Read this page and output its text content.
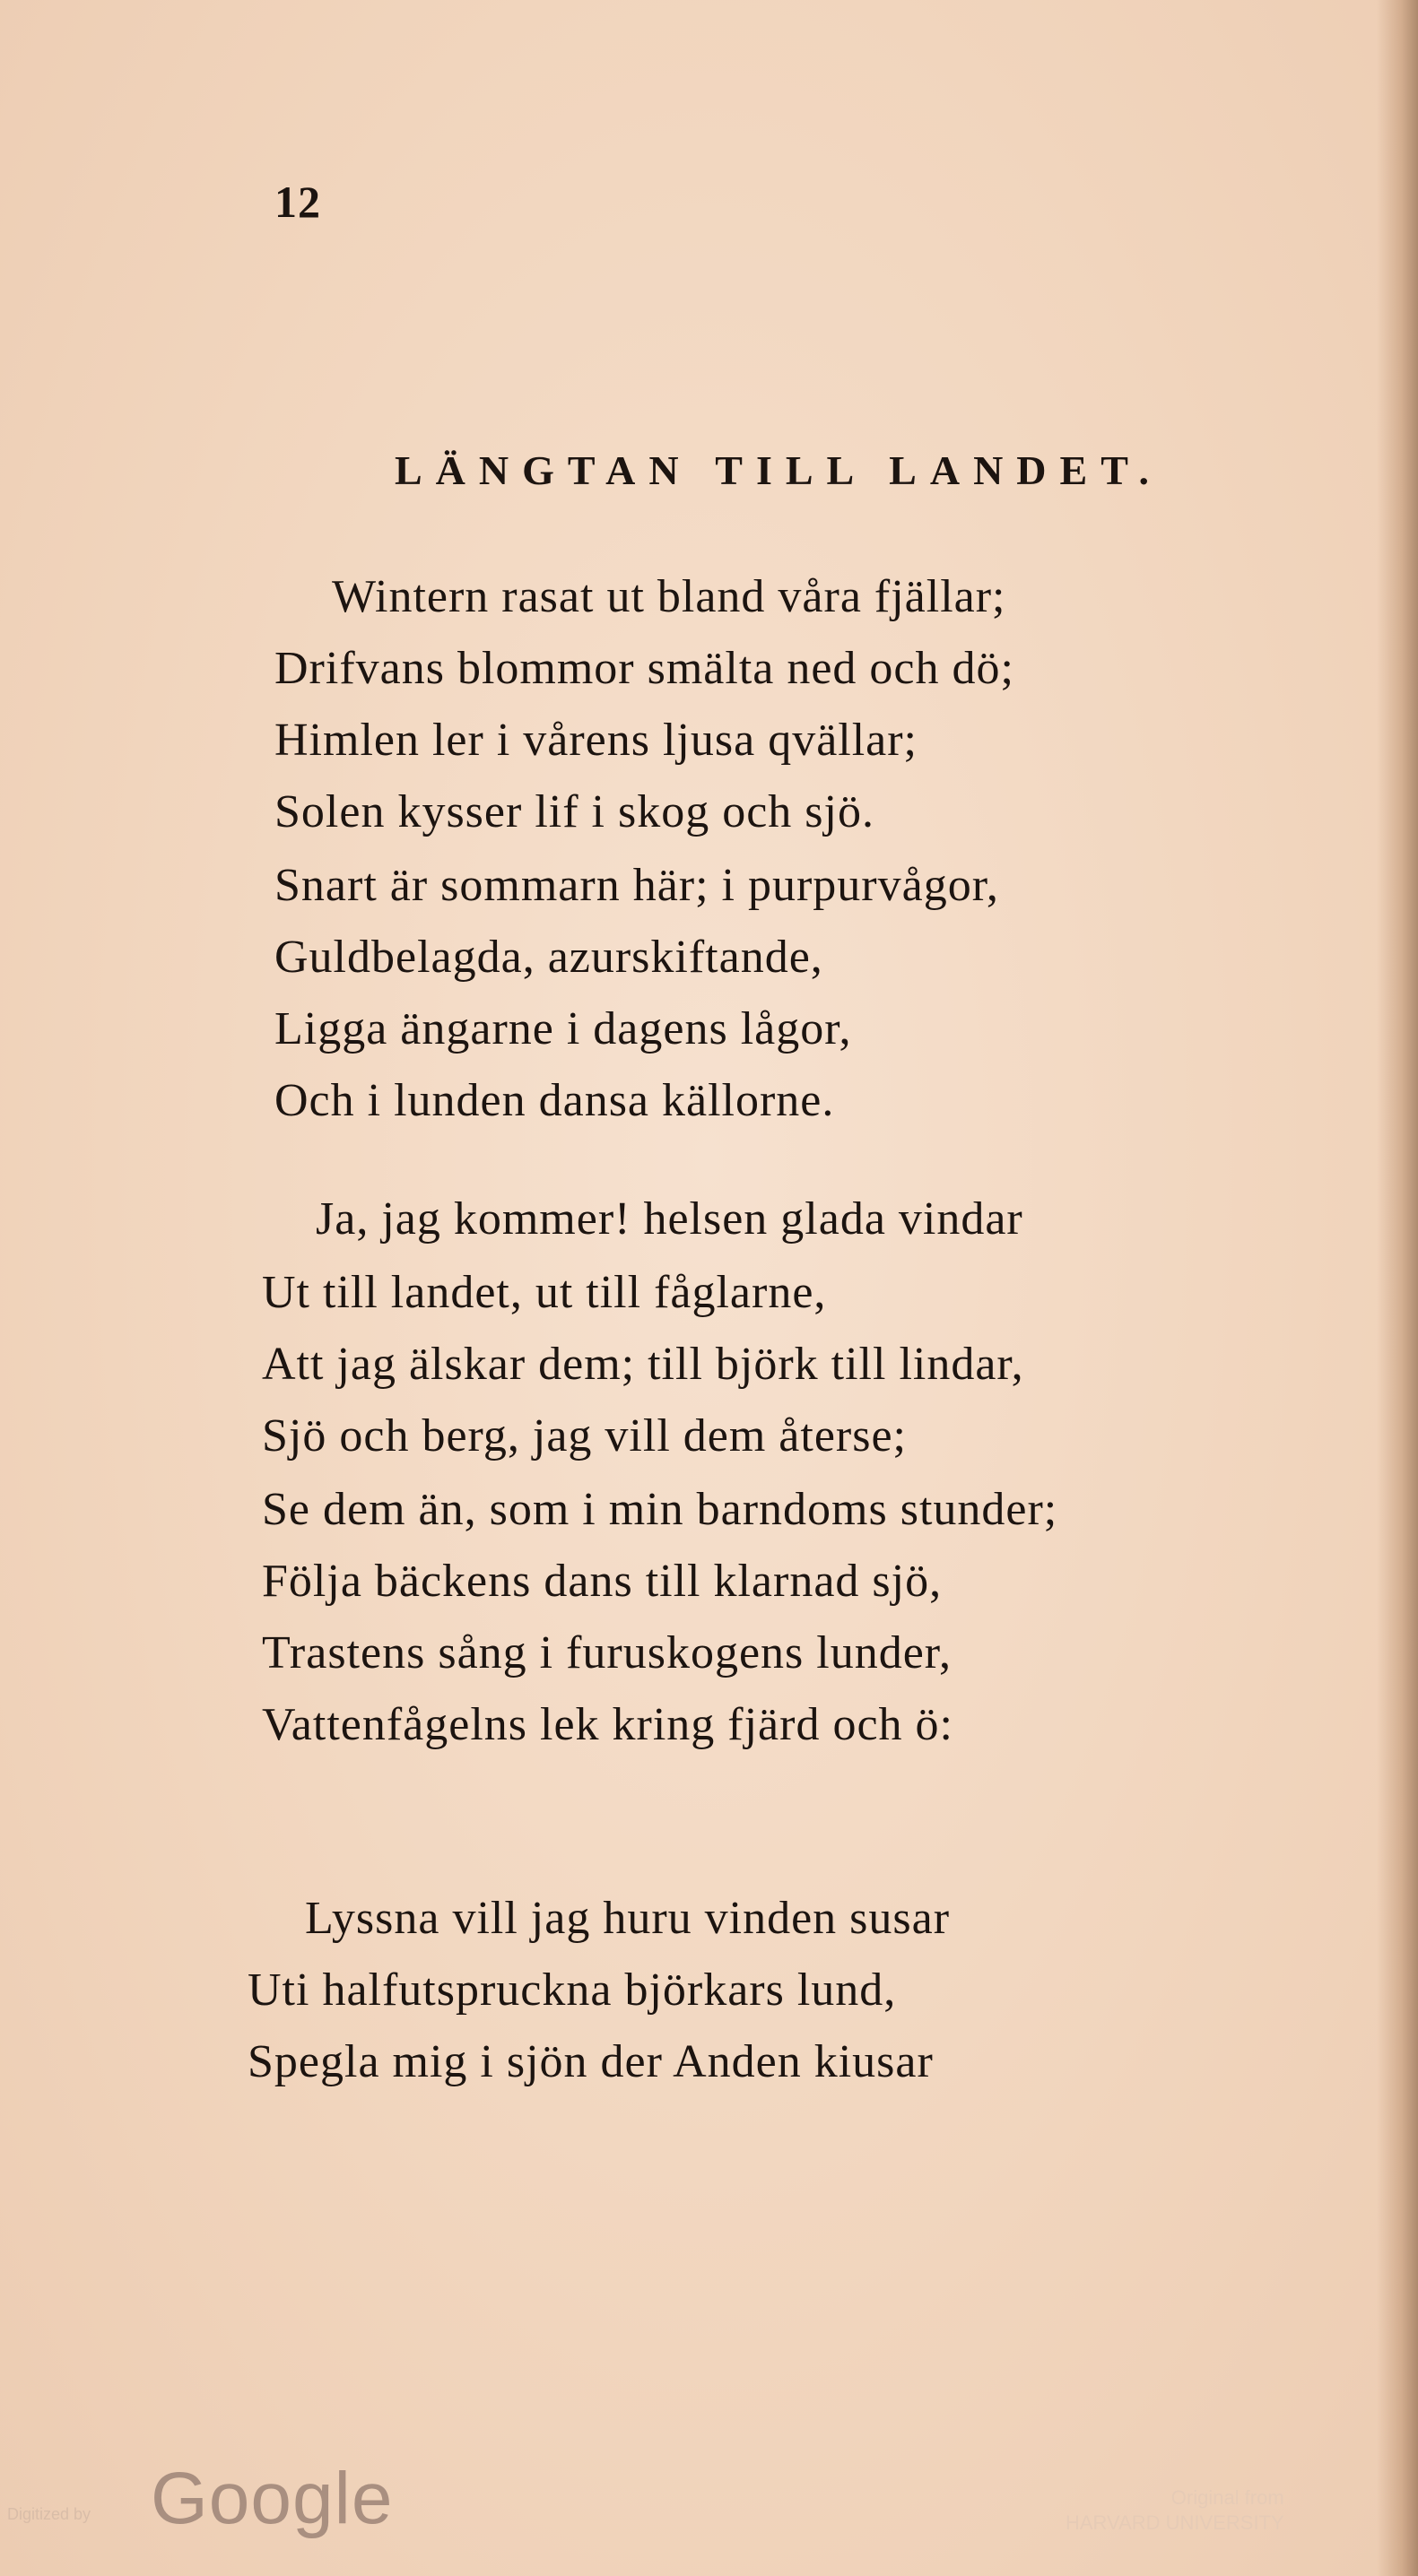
12
LÄNGTAN TILL LANDET.
Wintern rasat ut bland våra fjällar;
Drifvans blommor smälta ned och dö;
Himlen ler i vårens ljusa qvällar;
Solen kysser lif i skog och sjö.
Snart är sommarn här; i purpurvågor,
Guldbelagda, azurskiftande,
Ligga ängarne i dagens lågor,
Och i lunden dansa källorne.
Ja, jag kommer! helsen glada vindar
Ut till landet, ut till fåglarne,
Att jag älskar dem; till björk till lindar,
Sjö och berg, jag vill dem återse;
Se dem än, som i min barndoms stunder;
Följa bäckens dans till klarnad sjö,
Trastens sång i furuskogens lunder,
Vattenfågelns lek kring fjärd och ö:
Lyssna vill jag huru vinden susar
Uti halfutspruckna björkars lund,
Spegla mig i sjön der Anden kiusar
Digitized by Google	Original from
HARVARD UNIVERSITY
